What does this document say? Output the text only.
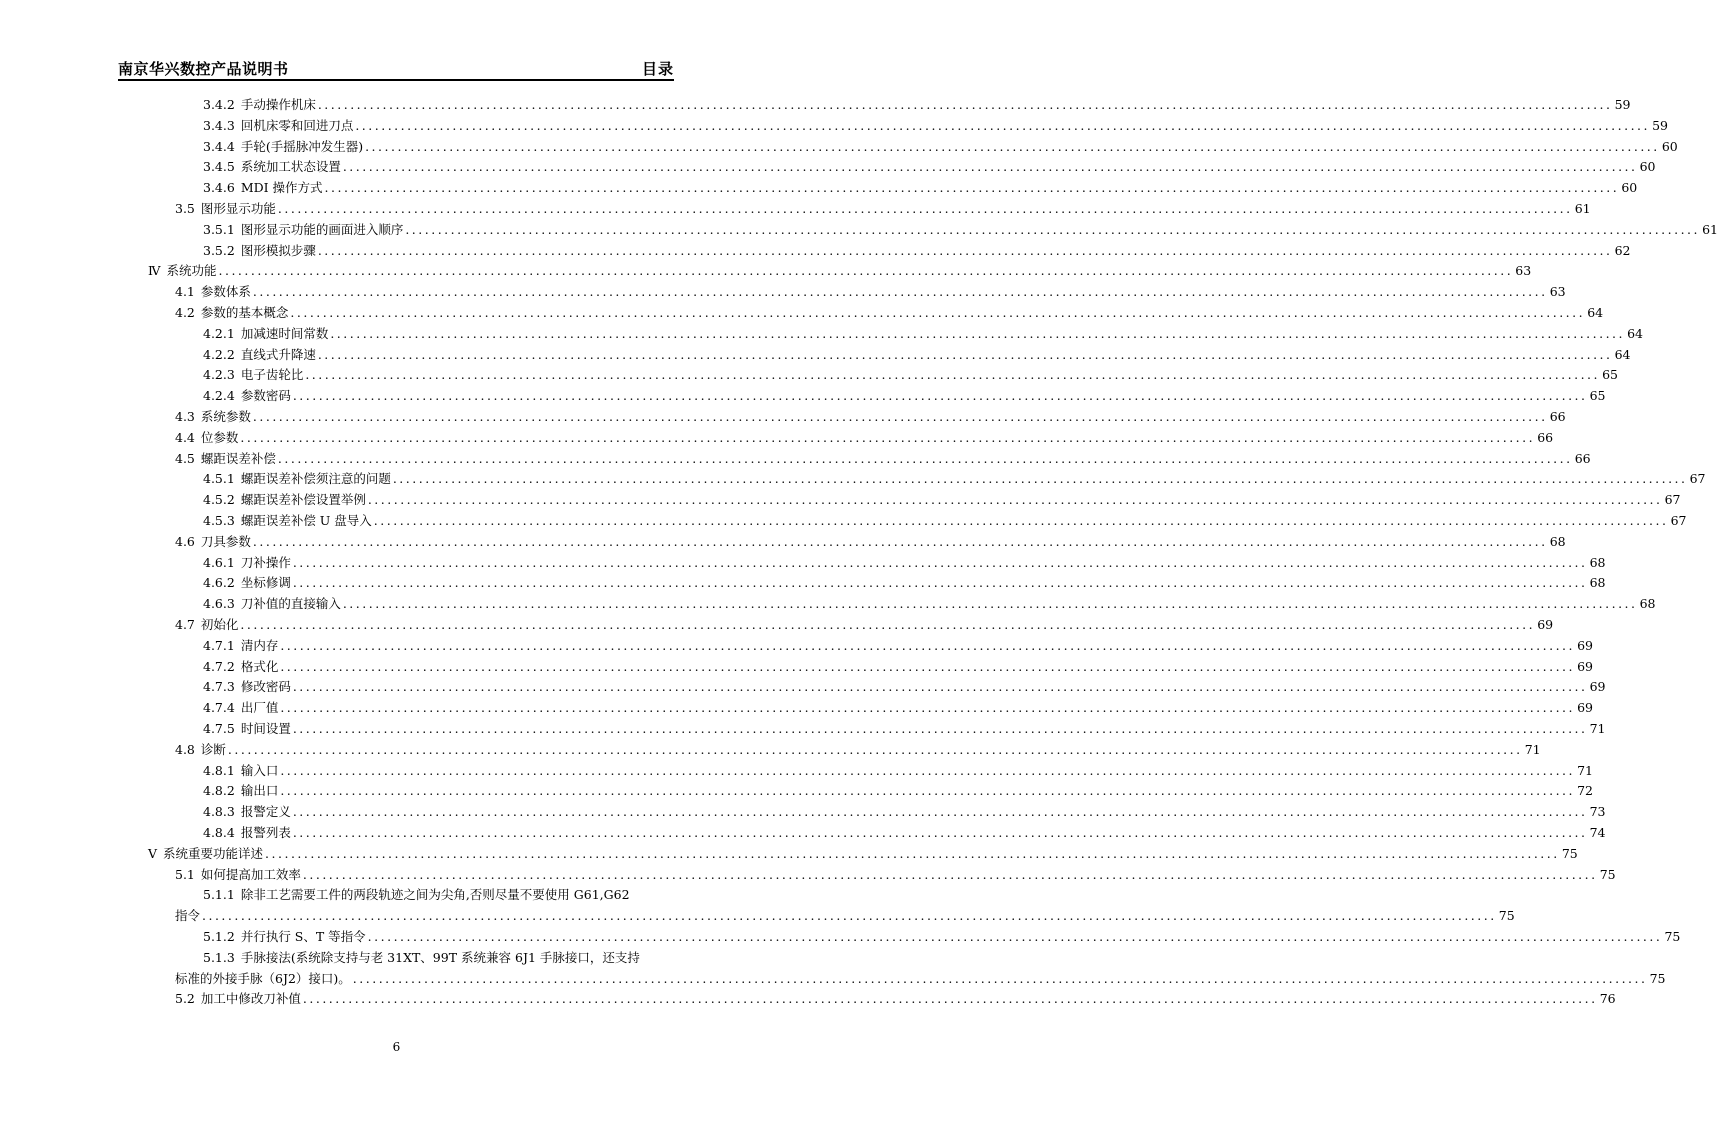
南京华兴数控产品说明书	目录
3.4.2 手动操作机床 ........................................................................................................................................................................................................ 59
3.4.3 回机床零和回进刀点 ........................................................................................................................................................................................................ 59
3.4.4 手轮(手摇脉冲发生器) ........................................................................................................................................................................................................ 60
3.4.5 系统加工状态设置 ........................................................................................................................................................................................................ 60
3.4.6 MDI 操作方式 ........................................................................................................................................................................................................ 60
3.5 图形显示功能 ........................................................................................................................................................................................................ 61
3.5.1 图形显示功能的画面进入顺序 ........................................................................................................................................................................................................ 61
3.5.2 图形模拟步骤 ........................................................................................................................................................................................................ 62
Ⅳ 系统功能 ........................................................................................................................................................................................................ 63
4.1 参数体系 ........................................................................................................................................................................................................ 63
4.2 参数的基本概念 ........................................................................................................................................................................................................ 64
4.2.1 加减速时间常数 ........................................................................................................................................................................................................ 64
4.2.2 直线式升降速 ........................................................................................................................................................................................................ 64
4.2.3 电子齿轮比 ........................................................................................................................................................................................................ 65
4.2.4 参数密码 ........................................................................................................................................................................................................ 65
4.3 系统参数 ........................................................................................................................................................................................................ 66
4.4 位参数 ........................................................................................................................................................................................................ 66
4.5 螺距误差补偿 ........................................................................................................................................................................................................ 66
4.5.1 螺距误差补偿须注意的问题 ........................................................................................................................................................................................................ 67
4.5.2 螺距误差补偿设置举例 ........................................................................................................................................................................................................ 67
4.5.3 螺距误差补偿 U 盘导入 ........................................................................................................................................................................................................ 67
4.6 刀具参数 ........................................................................................................................................................................................................ 68
4.6.1 刀补操作 ........................................................................................................................................................................................................ 68
4.6.2 坐标修调 ........................................................................................................................................................................................................ 68
4.6.3 刀补值的直接输入 ........................................................................................................................................................................................................ 68
4.7 初始化 ........................................................................................................................................................................................................ 69
4.7.1 清内存 ........................................................................................................................................................................................................ 69
4.7.2 格式化 ........................................................................................................................................................................................................ 69
4.7.3 修改密码 ........................................................................................................................................................................................................ 69
4.7.4 出厂值 ........................................................................................................................................................................................................ 69
4.7.5 时间设置 ........................................................................................................................................................................................................ 71
4.8 诊断 ........................................................................................................................................................................................................ 71
4.8.1 输入口 ........................................................................................................................................................................................................ 71
4.8.2 输出口 ........................................................................................................................................................................................................ 72
4.8.3 报警定义 ........................................................................................................................................................................................................ 73
4.8.4 报警列表 ........................................................................................................................................................................................................ 74
Ⅴ 系统重要功能详述 ........................................................................................................................................................................................................ 75
5.1 如何提高加工效率 ........................................................................................................................................................................................................ 75
5.1.1 除非工艺需要工件的两段轨迹之间为尖角,否则尽量不要使用 G61,G62
指令 ........................................................................................................................................................................................................ 75
5.1.2 并行执行 S、T 等指令 ........................................................................................................................................................................................................ 75
5.1.3 手脉接法(系统除支持与老 31XT、99T 系统兼容 6J1 手脉接口，还支持
标准的外接手脉（6J2）接口)。 ........................................................................................................................................................................................................ 75
5.2 加工中修改刀补值 ........................................................................................................................................................................................................ 76
6
